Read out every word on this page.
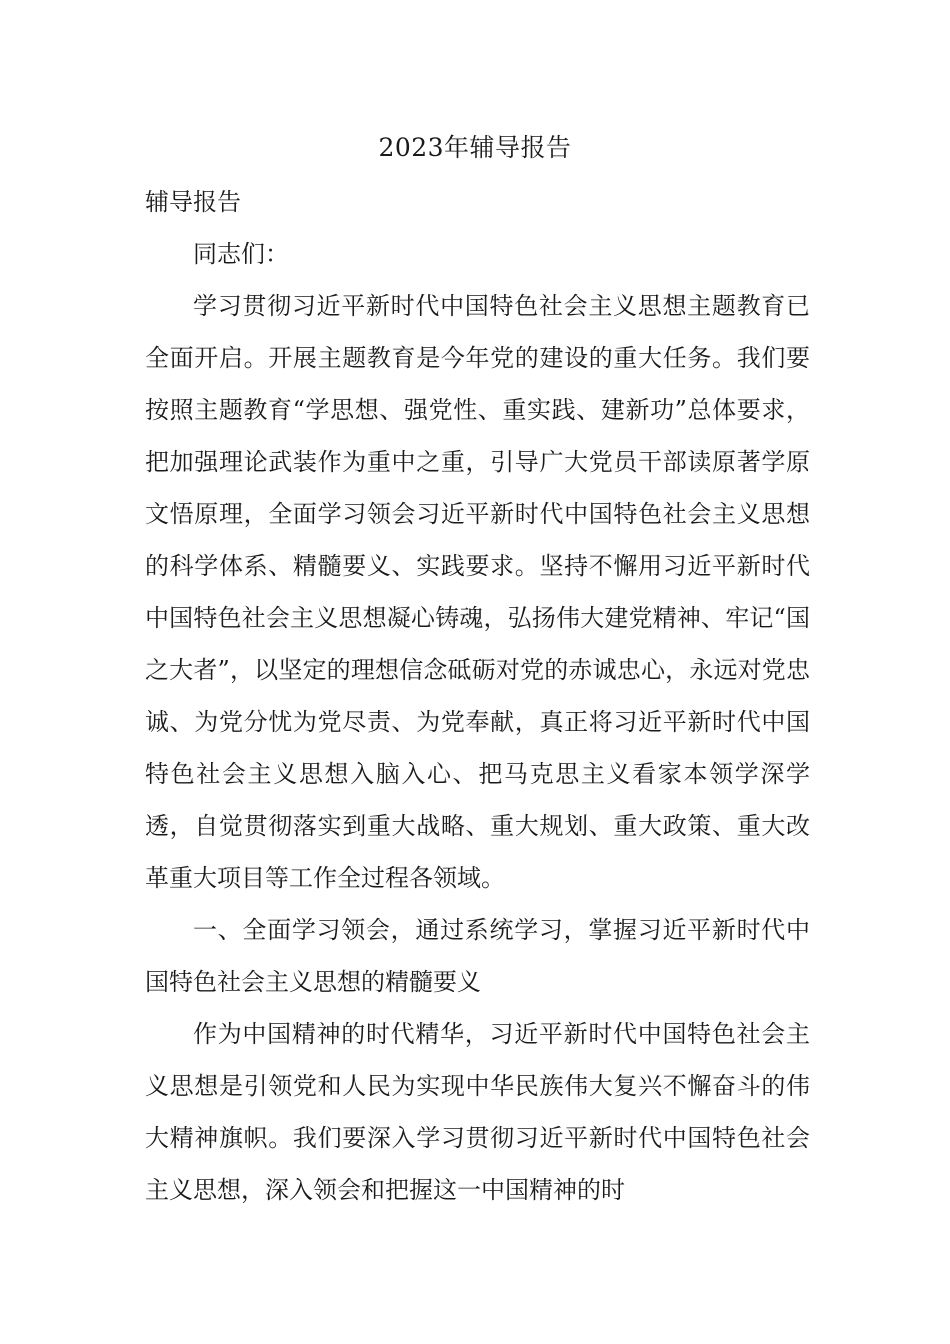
2023年辅导报告
辅导报告

同志们：

学习贯彻习近平新时代中国特色社会主义思想主题教育已全面开启。开展主题教育是今年党的建设的重大任务。我们要按照主题教育“学思想、强党性、重实践、建新功”总体要求，把加强理论武装作为重中之重，引导广大党员干部读原著学原文悟原理，全面学习领会习近平新时代中国特色社会主义思想的科学体系、精髓要义、实践要求。坚持不懈用习近平新时代中国特色社会主义思想凝心铸魂，弘扬伟大建党精神、牢记“国之大者”，以坚定的理想信念砥砺对党的赤诚忠心，永远对党忠诚、为党分忧为党尽责、为党奉献，真正将习近平新时代中国特色社会主义思想入脑入心、把马克思主义看家本领学深学透，自觉贯彻落实到重大战略、重大规划、重大政策、重大改革重大项目等工作全过程各领域。

一、全面学习领会，通过系统学习，掌握习近平新时代中国特色社会主义思想的精髓要义

作为中国精神的时代精华，习近平新时代中国特色社会主义思想是引领党和人民为实现中华民族伟大复兴不懈奋斗的伟大精神旗帜。我们要深入学习贯彻习近平新时代中国特色社会主义思想，深入领会和把握这一中国精神的时
